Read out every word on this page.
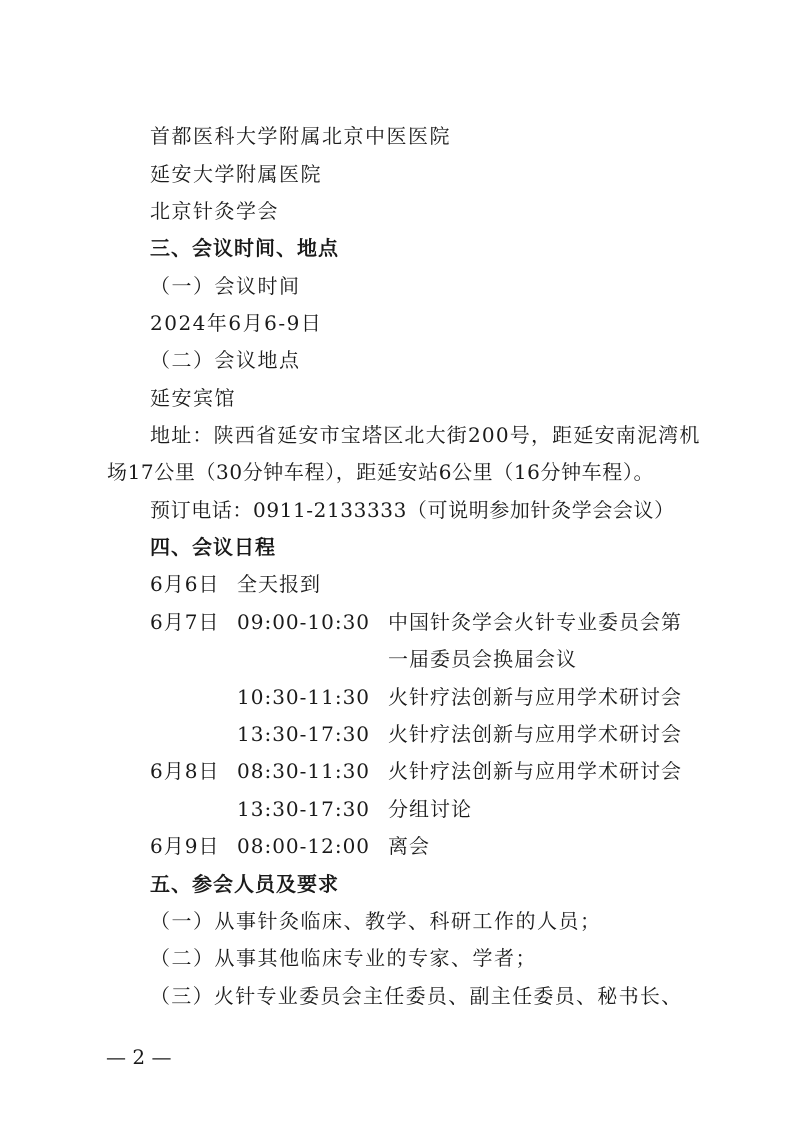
首都医科大学附属北京中医医院
延安大学附属医院
北京针灸学会
三、会议时间、地点
（一）会议时间
2024年6月6-9日
（二）会议地点
延安宾馆
地址：陕西省延安市宝塔区北大街200号，距延安南泥湾机
场17公里（30分钟车程），距延安站6公里（16分钟车程）。
预订电话：0911-2133333（可说明参加针灸学会会议）
四、会议日程
6月6日 全天报到
6月7日 09:00-10:30 中国针灸学会火针专业委员会第
一届委员会换届会议
10:30-11:30 火针疗法创新与应用学术研讨会
13:30-17:30 火针疗法创新与应用学术研讨会
6月8日 08:30-11:30 火针疗法创新与应用学术研讨会
13:30-17:30 分组讨论
6月9日 08:00-12:00 离会
五、参会人员及要求
（一）从事针灸临床、教学、科研工作的人员；
（二）从事其他临床专业的专家、学者；
（三）火针专业委员会主任委员、副主任委员、秘书长、
— 2 —
